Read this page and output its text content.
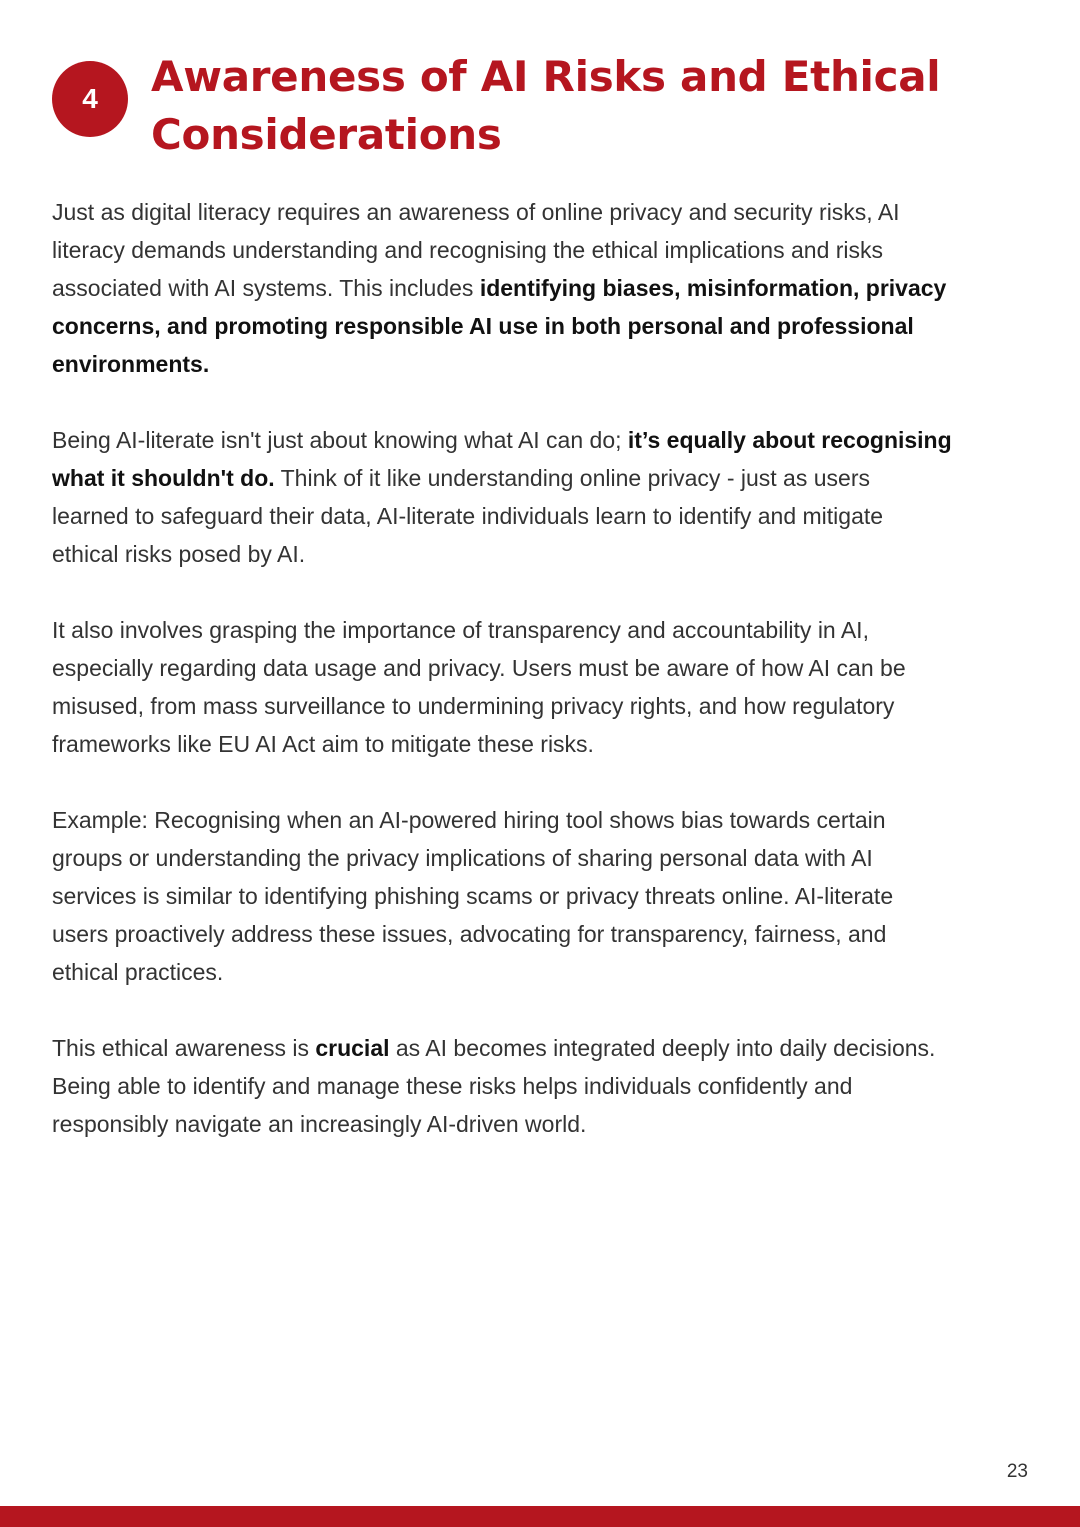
4	Awareness of AI Risks and Ethical
Considerations

Just as digital literacy requires an awareness of online privacy and security risks, AI
literacy demands understanding and recognising the ethical implications and risks
associated with AI systems. This includes identifying biases, misinformation, privacy
concerns, and promoting responsible AI use in both personal and professional
environments.

Being AI-literate isn't just about knowing what AI can do; it’s equally about recognising
what it shouldn't do. Think of it like understanding online privacy - just as users
learned to safeguard their data, AI-literate individuals learn to identify and mitigate
ethical risks posed by AI.

It also involves grasping the importance of transparency and accountability in AI,
especially regarding data usage and privacy. Users must be aware of how AI can be
misused, from mass surveillance to undermining privacy rights, and how regulatory
frameworks like EU AI Act aim to mitigate these risks.

Example: Recognising when an AI-powered hiring tool shows bias towards certain
groups or understanding the privacy implications of sharing personal data with AI
services is similar to identifying phishing scams or privacy threats online. AI-literate
users proactively address these issues, advocating for transparency, fairness, and
ethical practices.

This ethical awareness is crucial as AI becomes integrated deeply into daily decisions.
Being able to identify and manage these risks helps individuals confidently and
responsibly navigate an increasingly AI-driven world.

23
